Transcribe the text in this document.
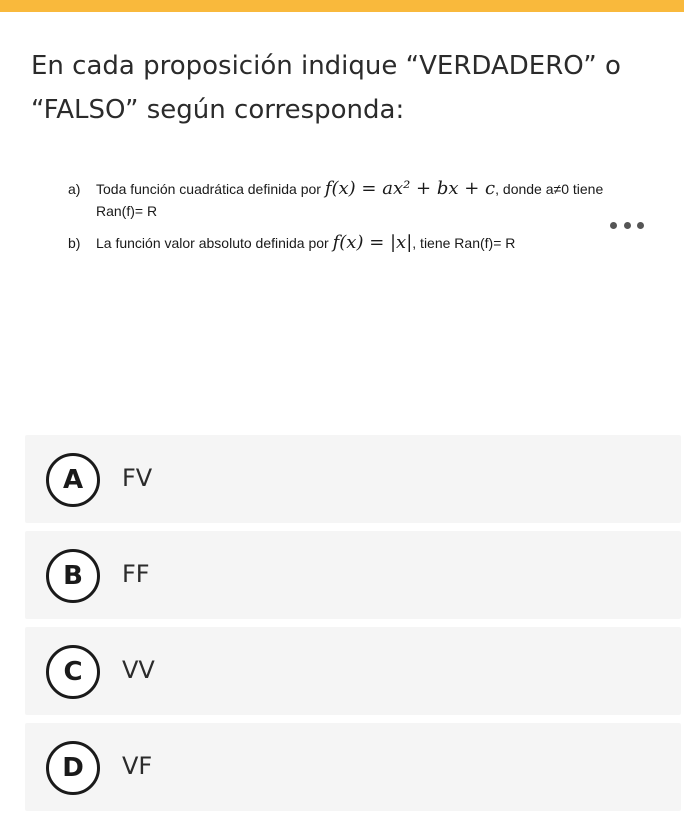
En cada proposición indique “VERDADERO” o “FALSO” según corresponda:

a) Toda función cuadrática definida por f(x) = ax² + bx + c, donde a≠0 tiene
Ran(f)= R
b) La función valor absoluto definida por f(x) = |x|, tiene Ran(f)= R
A	FV
B	FF
C	VV
D	VF
